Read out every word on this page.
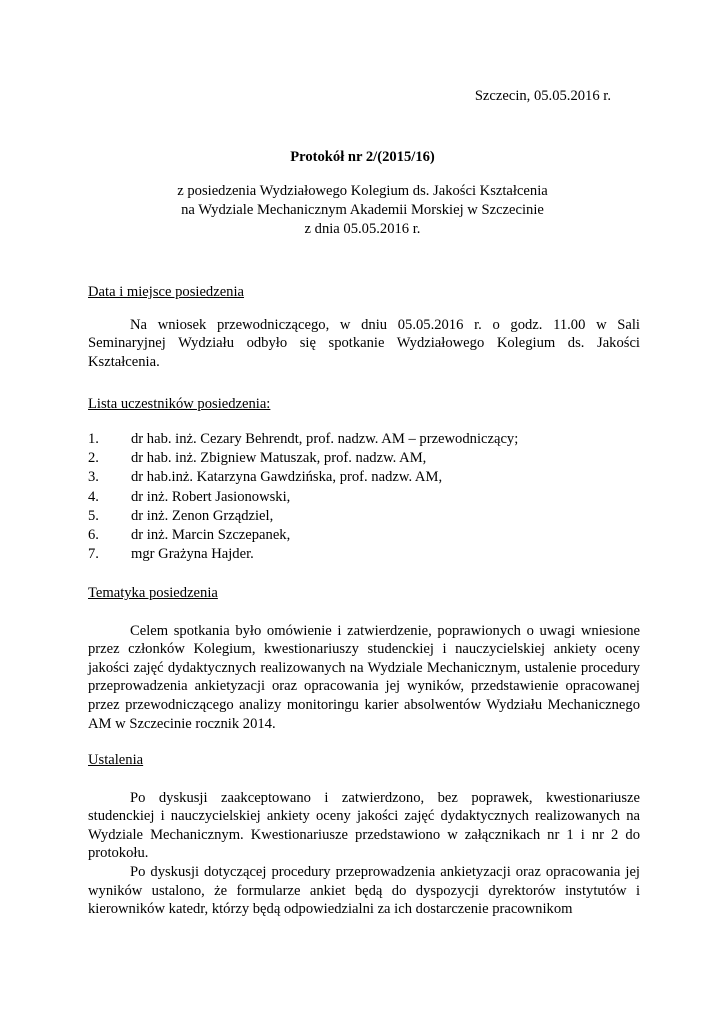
Szczecin, 05.05.2016 r.
Protokół nr 2/(2015/16)
z posiedzenia Wydziałowego Kolegium ds. Jakości Kształcenia
na Wydziale Mechanicznym Akademii Morskiej w Szczecinie
z dnia 05.05.2016 r.
Data i miejsce posiedzenia

Na wniosek przewodniczącego, w dniu 05.05.2016 r. o godz. 11.00 w Sali Seminaryjnej Wydziału odbyło się spotkanie Wydziałowego Kolegium ds. Jakości Kształcenia.

Lista uczestników posiedzenia:
1. dr hab. inż. Cezary Behrendt, prof. nadzw. AM – przewodniczący;
2. dr hab. inż. Zbigniew Matuszak, prof. nadzw. AM,
3. dr hab.inż. Katarzyna Gawdzińska, prof. nadzw. AM,
4. dr inż. Robert Jasionowski,
5. dr inż. Zenon Grządziel,
6. dr inż. Marcin Szczepanek,
7. mgr Grażyna Hajder.
Tematyka posiedzenia

Celem spotkania było omówienie i zatwierdzenie, poprawionych o uwagi wniesione przez członków Kolegium, kwestionariuszy studenckiej i nauczycielskiej ankiety oceny jakości zajęć dydaktycznych realizowanych na Wydziale Mechanicznym, ustalenie procedury przeprowadzenia ankietyzacji oraz opracowania jej wyników, przedstawienie opracowanej przez przewodniczącego analizy monitoringu karier absolwentów Wydziału Mechanicznego AM w Szczecinie rocznik 2014.

Ustalenia

Po dyskusji zaakceptowano i zatwierdzono, bez poprawek, kwestionariusze studenckiej i nauczycielskiej ankiety oceny jakości zajęć dydaktycznych realizowanych na Wydziale Mechanicznym. Kwestionariusze przedstawiono w załącznikach nr 1 i nr 2 do protokołu.

Po dyskusji dotyczącej procedury przeprowadzenia ankietyzacji oraz opracowania jej wyników ustalono, że formularze ankiet będą do dyspozycji dyrektorów instytutów i kierowników katedr, którzy będą odpowiedzialni za ich dostarczenie pracownikom
